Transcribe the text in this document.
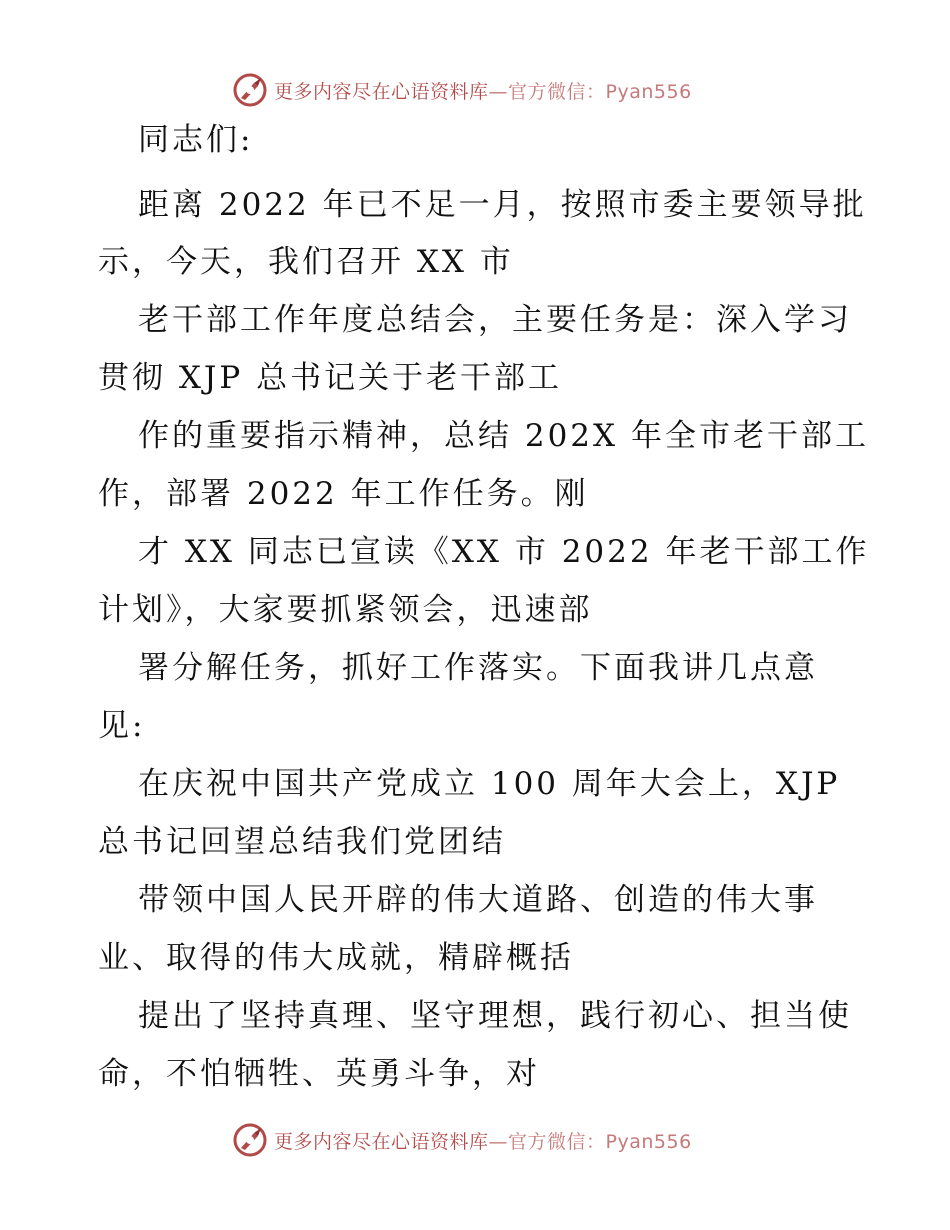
更多内容尽在心语资料库—官方微信：Pyan556
同志们:
距离 2022 年已不足一月，按照市委主要领导批
示，今天，我们召开 XX 市
老干部工作年度总结会，主要任务是：深入学习
贯彻 XJP 总书记关于老干部工
作的重要指示精神，总结 202X 年全市老干部工
作，部署 2022 年工作任务。刚
才 XX 同志已宣读《XX 市 2022 年老干部工作
计划》，大家要抓紧领会，迅速部
署分解任务，抓好工作落实。下面我讲几点意
见:
在庆祝中国共产党成立 100 周年大会上，XJP
总书记回望总结我们党团结
带领中国人民开辟的伟大道路、创造的伟大事
业、取得的伟大成就，精辟概括
提出了坚持真理、坚守理想，践行初心、担当使
命，不怕牺牲、英勇斗争，对
更多内容尽在心语资料库—官方微信：Pyan556
